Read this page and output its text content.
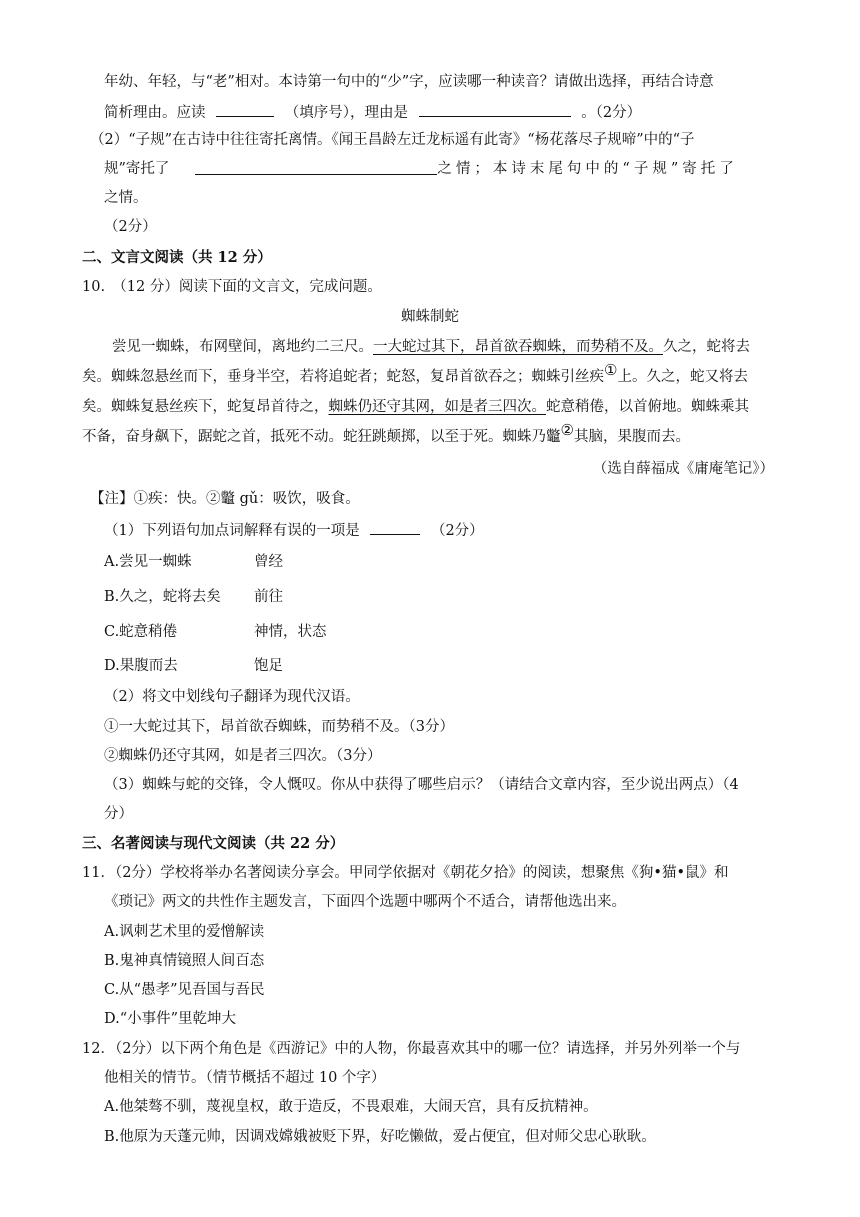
年幼、年轻，与“老”相对。本诗第一句中的“少”字，应读哪一种读音？请做出选择，再结合诗意
简析理由。应读	（填序号），理由是	。（2分）
（2）“子规”在古诗中往往寄托离情。《闻王昌龄左迁龙标遥有此寄》“杨花落尽子规啼”中的“子
规”寄托了	之情；本诗末尾句中的“子规”寄托了
之情。
（2分）
二、文言文阅读（共 12 分）
10.　（12 分）阅读下面的文言文，完成问题。
蜘蛛制蛇
尝见一蜘蛛，布网壁间，离地约二三尺。一大蛇过其下，昂首欲吞蜘蛛，而势稍不及。久之，蛇将去
矣。蜘蛛忽悬丝而下，垂身半空，若将追蛇者；蛇怒，复昂首欲吞之；蜘蛛引丝疾①上。久之，蛇又将去
矣。蜘蛛复悬丝疾下，蛇复昂首待之，蜘蛛仍还守其网，如是者三四次。蛇意稍倦，以首俯地。蜘蛛乘其
不备，奋身飙下，踞蛇之首，抵死不动。蛇狂跳颠掷，以至于死。蜘蛛乃龞②其脑，果腹而去。
（选自薛福成《庸庵笔记》）
【注】①疾：快。②龞 gǔ：吸饮，吸食。
（1）下列语句加点词解释有误的一项是	（2分）
A.尝见一蜘蛛	曾经
B.久之，蛇将去矣 前往
C.蛇意稍倦	神情，状态
D.果腹而去	饱足
（2）将文中划线句子翻译为现代汉语。
①一大蛇过其下，昂首欲吞蜘蛛，而势稍不及。（3分）
②蜘蛛仍还守其网，如是者三四次。（3分）
（3）蜘蛛与蛇的交锋，令人慨叹。你从中获得了哪些启示？（请结合文章内容，至少说出两点）（4
分）
三、名著阅读与现代文阅读（共 22 分）
11．（2分）学校将举办名著阅读分享会。甲同学依据对《朝花夕拾》的阅读，想聚焦《狗•猫•鼠》和
《琐记》两文的共性作主题发言，下面四个选题中哪两个不适合，请帮他选出来。
A.讽刺艺术里的爱憎解读
B.鬼神真情镜照人间百态
C.从“愚孝”见吾国与吾民
D.“小事件”里乾坤大
12．（2分）以下两个角色是《西游记》中的人物，你最喜欢其中的哪一位？请选择，并另外列举一个与
他相关的情节。（情节概括不超过 10 个字）
A.他桀骜不驯，蔑视皇权，敢于造反，不畏艰难，大闹天宫，具有反抗精神。
B.他原为天蓬元帅，因调戏嫦娥被贬下界，好吃懒做，爱占便宜，但对师父忠心耿耿。
